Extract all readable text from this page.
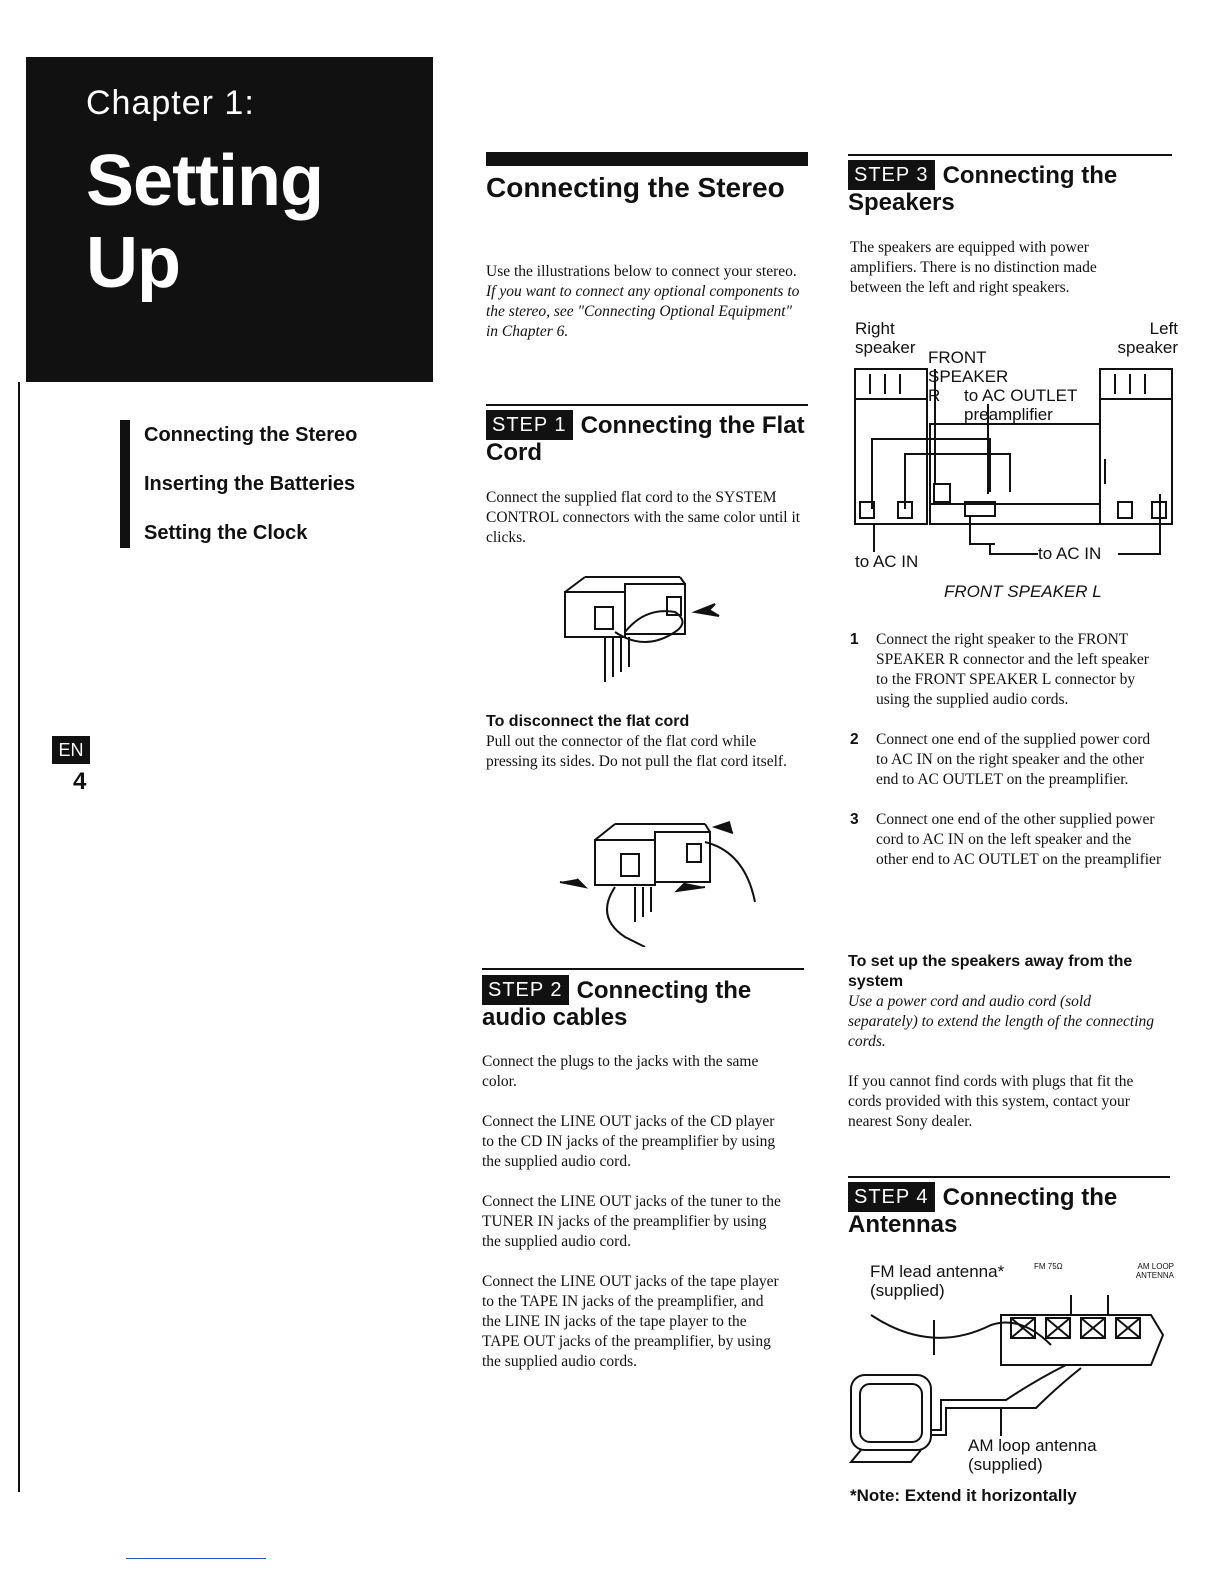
Chapter 1:
Setting
Up
Connecting the Stereo
Inserting the Batteries
Setting the Clock
EN
4
Connecting the Stereo

Use the illustrations below to connect your stereo.

If you want to connect any optional components to the stereo, see "Connecting Optional Equipment" in Chapter 6.

STEP 1 Connecting the Flat Cord
Connect the supplied flat cord to the SYSTEM CONTROL connectors with the same color until it clicks.

To disconnect the flat cord

Pull out the connector of the flat cord while pressing its sides. Do not pull the flat cord itself.

STEP 2 Connecting the audio cables

Connect the plugs to the jacks with the same color.

Connect the LINE OUT jacks of the CD player to the CD IN jacks of the preamplifier by using the supplied audio cord.

Connect the LINE OUT jacks of the tuner to the TUNER IN jacks of the preamplifier by using the supplied audio cord.

Connect the LINE OUT jacks of the tape player to the TAPE IN jacks of the preamplifier, and the LINE IN jacks of the tape player to the TAPE OUT jacks of the preamplifier, by using the supplied audio cords.

STEP 3 Connecting the Speakers
The speakers are equipped with power amplifiers. There is no distinction made between the left and right speakers.
Right speaker
Left speaker
FRONT SPEAKER R	to AC OUTLET preamplifier
to AC IN	to AC IN
FRONT SPEAKER L
1 Connect the right speaker to the FRONT SPEAKER R connector and the left speaker to the FRONT SPEAKER L connector by using the supplied audio cords.
2 Connect one end of the supplied power cord to AC IN on the right speaker and the other end to AC OUTLET on the preamplifier.
3 Connect one end of the other supplied power cord to AC IN on the left speaker and the other end to AC OUTLET on the preamplifier

To set up the speakers away from the system

Use a power cord and audio cord (sold separately) to extend the length of the connecting cords.

If you cannot find cords with plugs that fit the cords provided with this system, contact your nearest Sony dealer.

STEP 4 Connecting the Antennas
FM lead antenna* (supplied)
FM 75Ω	AM LOOP ANTENNA
AM loop antenna (supplied)
*Note: Extend it horizontally
